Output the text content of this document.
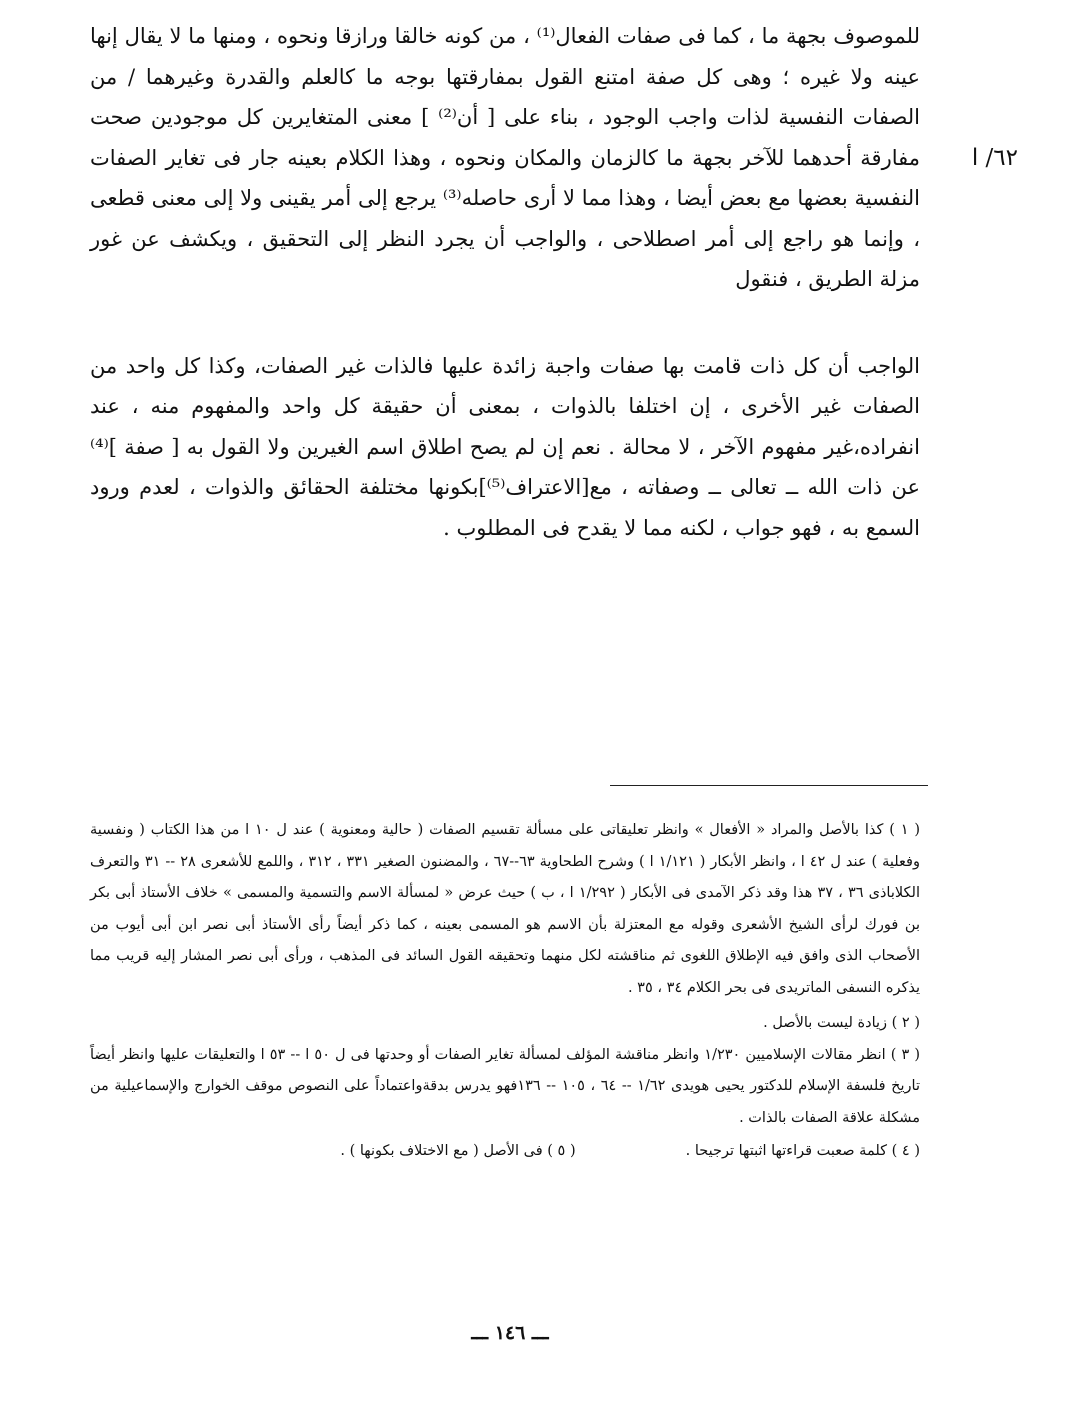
٦٢/ ا

للموصوف بجهة ما ، كما فى صفات الفعال⁽¹⁾ ، من كونه خالقا ورازقا ونحوه ، ومنها ما لا يقال إنها عينه ولا غيره ؛ وهى كل صفة امتنع القول بمفارقتها بوجه ما كالعلم والقدرة وغيرهما / من الصفات النفسية لذات واجب الوجود ، بناء على [ أن⁽²⁾ ] معنى المتغايرين كل موجودين صحت مفارقة أحدهما للآخر بجهة ما كالزمان والمكان ونحوه ، وهذا الكلام بعينه جار فى تغاير الصفات النفسية بعضها مع بعض أيضا ، وهذا مما لا أرى حاصله⁽³⁾ يرجع إلى أمر يقينى ولا إلى معنى قطعى ، وإنما هو راجع إلى أمر اصطلاحى ، والواجب أن يجرد النظر إلى التحقيق ، ويكشف عن غور مزلة الطريق ، فنقول

الواجب أن كل ذات قامت بها صفات واجبة زائدة عليها فالذات غير الصفات، وكذا كل واحد من الصفات غير الأخرى ، إن اختلفا بالذوات ، بمعنى أن حقيقة كل واحد والمفهوم منه ، عند انفراده،غير مفهوم الآخر ، لا محالة . نعم إن لم يصح اطلاق اسم الغيرين ولا القول به [ صفة ]⁽⁴⁾ عن ذات الله ــ تعالى ــ وصفاته ، مع[الاعتراف⁽⁵⁾]بكونها مختلفة الحقائق والذوات ، لعدم ورود السمع به ، فهو جواب ، لكنه مما لا يقدح فى المطلوب .

( ١ ) كذا بالأصل والمراد « الأفعال » وانظر تعليقاتى على مسألة تقسيم الصفات ( حالية ومعنوية ) عند ل ١٠ ا من هذا الكتاب ( ونفسية وفعلية ) عند ل ٤٢ ا ، وانظر الأبكار ( ١/١٢١ ا ) وشرح الطحاوية ٦٣--٦٧ ، والمضنون الصغير ٣٣١ ، ٣١٢ ، واللمع للأشعرى ٢٨ -- ٣١ والتعرف الكلاباذى ٣٦ ، ٣٧ هذا وقد ذكر الآمدى فى الأبكار ( ١/٢٩٢ ا ، ب ) حيث عرض « لمسألة الاسم والتسمية والمسمى » خلاف الأستاذ أبى بكر بن فورك لرأى الشيخ الأشعرى وقوله مع المعتزلة بأن الاسم هو المسمى بعينه ، كما ذكر أيضاً رأى الأستاذ أبى نصر ابن أبى أيوب من الأصحاب الذى وافق فيه الإطلاق اللغوى ثم مناقشته لكل منهما وتحقيقه القول السائد فى المذهب ، ورأى أبى نصر المشار إليه قريب مما يذكره النسفى الماتريدى فى بحر الكلام ٣٤ ، ٣٥ .

( ٢ ) زيادة ليست بالأصل .

( ٣ ) انظر مقالات الإسلاميين ١/٢٣٠ وانظر مناقشة المؤلف لمسألة تغاير الصفات أو وحدتها فى ل ٥٠ ا -- ٥٣ ا والتعليقات عليها وانظر أيضاً تاريخ فلسفة الإسلام للدكتور يحيى هويدى ١/٦٢ -- ٦٤ ، ١٠٥ -- ١٣٦فهو يدرس بدقةواعتماداً على النصوص موقف الخوارج والإسماعيلية من مشكلة علاقة الصفات بالذات .

( ٤ ) كلمة صعبت قراءتها اثبتها ترجيحا .

( ٥ ) فى الأصل ( مع الاختلاف بكونها ) .

ـــ ١٤٦ ـــ
